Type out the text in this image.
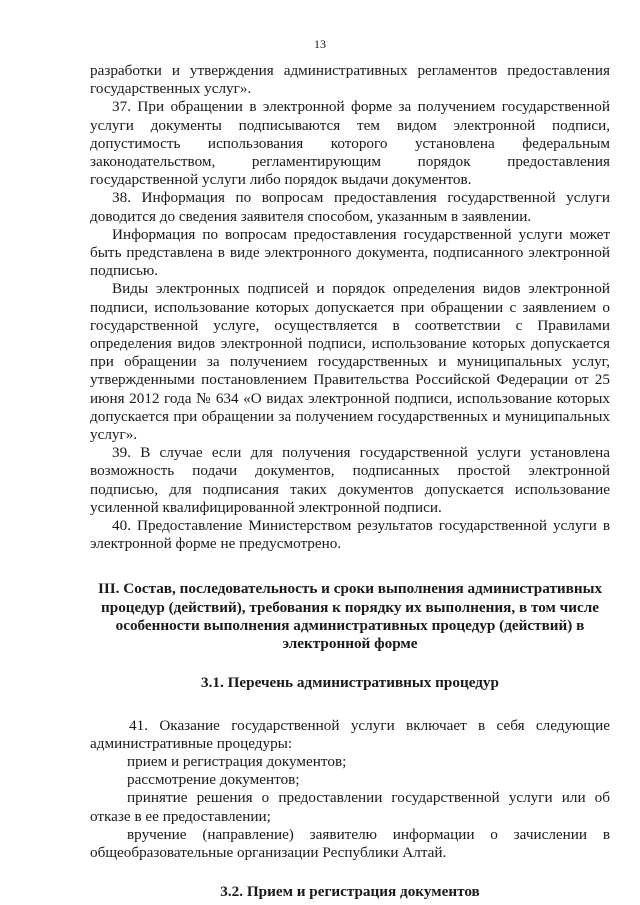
13

разработки и утверждения административных регламентов предоставления государственных услуг».

37. При обращении в электронной форме за получением государственной услуги документы подписываются тем видом электронной подписи, допустимость использования которого установлена федеральным законодательством, регламентирующим порядок предоставления государственной услуги либо порядок выдачи документов.

38. Информация по вопросам предоставления государственной услуги доводится до сведения заявителя способом, указанным в заявлении.

Информация по вопросам предоставления государственной услуги может быть представлена в виде электронного документа, подписанного электронной подписью.

Виды электронных подписей и порядок определения видов электронной подписи, использование которых допускается при обращении с заявлением о государственной услуге, осуществляется в соответствии с Правилами определения видов электронной подписи, использование которых допускается при обращении за получением государственных и муниципальных услуг, утвержденными постановлением Правительства Российской Федерации от 25 июня 2012 года № 634 «О видах электронной подписи, использование которых допускается при обращении за получением государственных и муниципальных услуг».

39. В случае если для получения государственной услуги установлена возможность подачи документов, подписанных простой электронной подписью, для подписания таких документов допускается использование усиленной квалифицированной электронной подписи.

40. Предоставление Министерством результатов государственной услуги в электронной форме не предусмотрено.

III. Состав, последовательность и сроки выполнения административных процедур (действий), требования к порядку их выполнения, в том числе особенности выполнения административных процедур (действий) в электронной форме
3.1. Перечень административных процедур

41. Оказание государственной услуги включает в себя следующие административные процедуры:

прием и регистрация документов;

рассмотрение документов;

принятие решения о предоставлении государственной услуги или об отказе в ее предоставлении;

вручение (направление) заявителю информации о зачислении в общеобразовательные организации Республики Алтай.

3.2. Прием и регистрация документов
